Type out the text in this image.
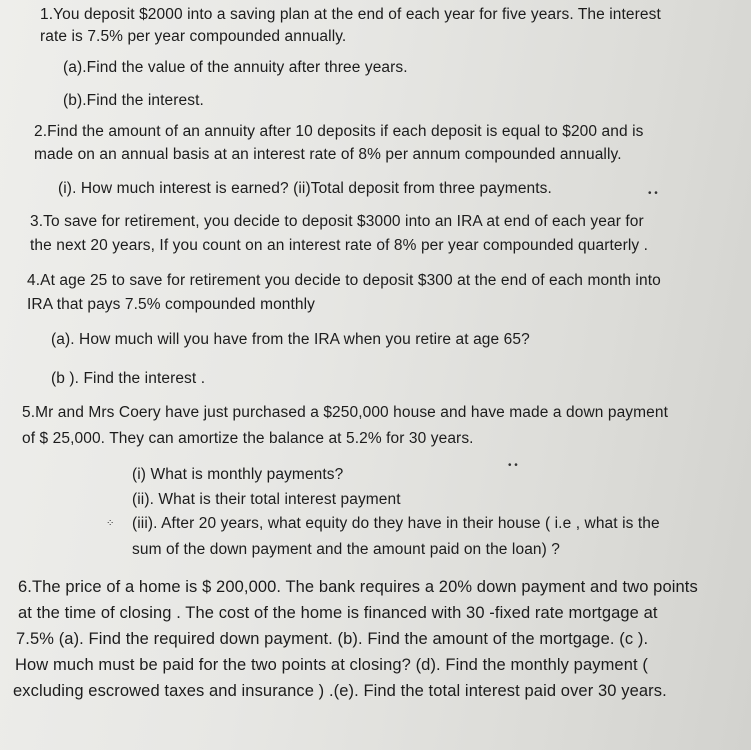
1.You deposit $2000 into a saving plan at the end of each year for five years. The interest
rate is 7.5% per year compounded annually.
(a).Find the value of the annuity after three years.
(b).Find the interest.
2.Find the amount of an annuity after 10 deposits if each deposit is equal to $200 and is
made on an annual basis at an interest rate of 8% per annum compounded annually.
(i). How much interest is earned? (ii)Total deposit from three payments.	• •
3.To save for retirement, you decide to deposit $3000 into an IRA at end of each year for
the next 20 years, If you count on an interest rate of 8% per year compounded quarterly .
4.At age 25 to save for retirement you decide to deposit $300 at the end of each month into
IRA that pays 7.5% compounded monthly
(a). How much will you have from the IRA when you retire at age 65?
(b ). Find the interest .
5.Mr and Mrs Coery have just purchased a $250,000 house and have made a down payment
of $ 25,000. They can amortize the balance at 5.2% for 30 years.
• •
(i) What is monthly payments?
(ii). What is their total interest payment
⁘ (iii). After 20 years, what equity do they have in their house ( i.e , what is the
sum of the down payment and the amount paid on the loan) ?
6.The price of a home is $ 200,000. The bank requires a 20% down payment and two points
at the time of closing . The cost of the home is financed with 30 -fixed rate mortgage at
7.5% (a). Find the required down payment. (b). Find the amount of the mortgage. (c ).
How much must be paid for the two points at closing? (d). Find the monthly payment (
excluding escrowed taxes and insurance ) .(e). Find the total interest paid over 30 years.
